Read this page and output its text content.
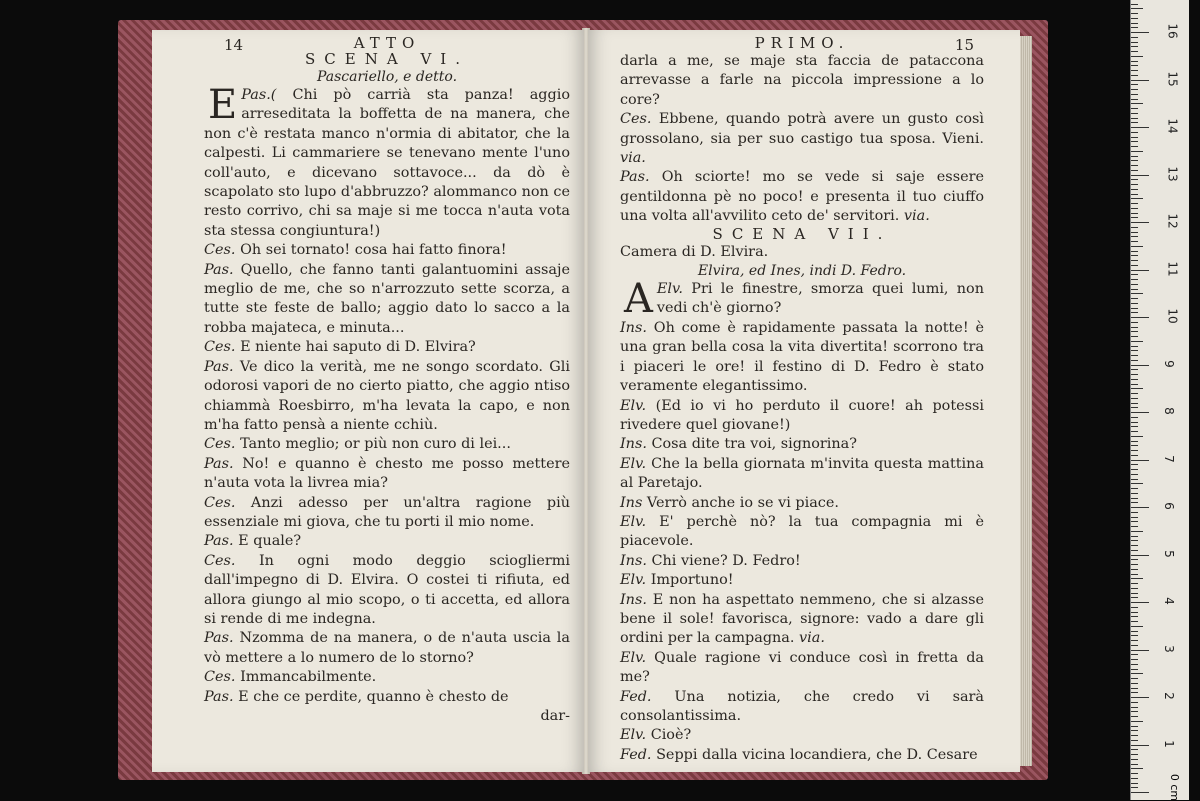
14	ATTO
SCENA VI.
Pascariello, e detto.

Pas.(
E	Chi pò carrià sta panza! aggio arreseditata la boffetta de na manera, che non c'è restata manco n'ormia di abitator, che la calpesti. Li cammariere se tenevano mente l'uno coll'auto, e dicevano sottavoce... da dò è scapolato sto lupo d'abbruzzo? alommanco non ce resto corrivo, chi sa maje si me tocca n'auta vota sta stessa congiuntura!)

Ces. Oh sei tornato! cosa hai fatto finora!

Pas. Quello, che fanno tanti galantuomini assaje meglio de me, che so n'arrozzuto sette scorza, a tutte ste feste de ballo; aggio dato lo sacco a la robba majateca, e minuta...

Ces. E niente hai saputo di D. Elvira?

Pas. Ve dico la verità, me ne songo scordato. Gli odorosi vapori de no cierto piatto, che aggio ntiso chiammà Roesbirro, m'ha levata la capo, e non m'ha fatto pensà a niente cchiù.

Ces. Tanto meglio; or più non curo di lei...

Pas. No! e quanno è chesto me posso mettere n'auta vota la livrea mia?

Ces. Anzi adesso per un'altra ragione più essenziale mi giova, che tu porti il mio nome.

Pas. E quale?

Ces. In ogni modo deggio sciogliermi dall'impegno di D. Elvira. O costei ti rifiuta, ed allora giungo al mio scopo, o ti accetta, ed allora si rende di me indegna.

Pas. Nzomma de na manera, o de n'auta uscia la vò mettere a lo numero de lo storno?

Ces. Immancabilmente.

Pas. E che ce perdite, quanno è chesto de

dar-
PRIMO.	15

darla a me, se maje sta faccia de pataccona arrevasse a farle na piccola impressione a lo core?

Ces. Ebbene, quando potrà avere un gusto così grossolano, sia per suo castigo tua sposa. Vieni. via.

Pas. Oh sciorte! mo se vede si saje essere gentildonna pè no poco! e presenta il tuo ciuffo una volta all'avvilito ceto de' servitori. via.

SCENA VII.
Camera di D. Elvira.
Elvira, ed Ines, indi D. Fedro.

Elv.
A	Pri le finestre, smorza quei lumi, non vedi ch'è giorno?

Ins. Oh come è rapidamente passata la notte! è una gran bella cosa la vita divertita! scorrono tra i piaceri le ore! il festino di D. Fedro è stato veramente elegantissimo.

Elv. (Ed io vi ho perduto il cuore! ah potessi rivedere quel giovane!)

Ins. Cosa dite tra voi, signorina?

Elv. Che la bella giornata m'invita questa mattina al Paretajo.

Ins Verrò anche io se vi piace.

Elv. E' perchè nò? la tua compagnia mi è piacevole.

Ins. Chi viene? D. Fedro!

Elv. Importuno!

Ins. E non ha aspettato nemmeno, che si alzasse bene il sole! favorisca, signore: vado a dare gli ordini per la campagna. via.

Elv. Quale ragione vi conduce così in fretta da me?

Fed. Una notizia, che credo vi sarà consolantissima.

Elv. Cioè?

Fed. Seppi dalla vicina locandiera, che D. Cesare

0 cm
1
2
3
4
5
6
7
8
9
10
11
12
13
14
15
16
